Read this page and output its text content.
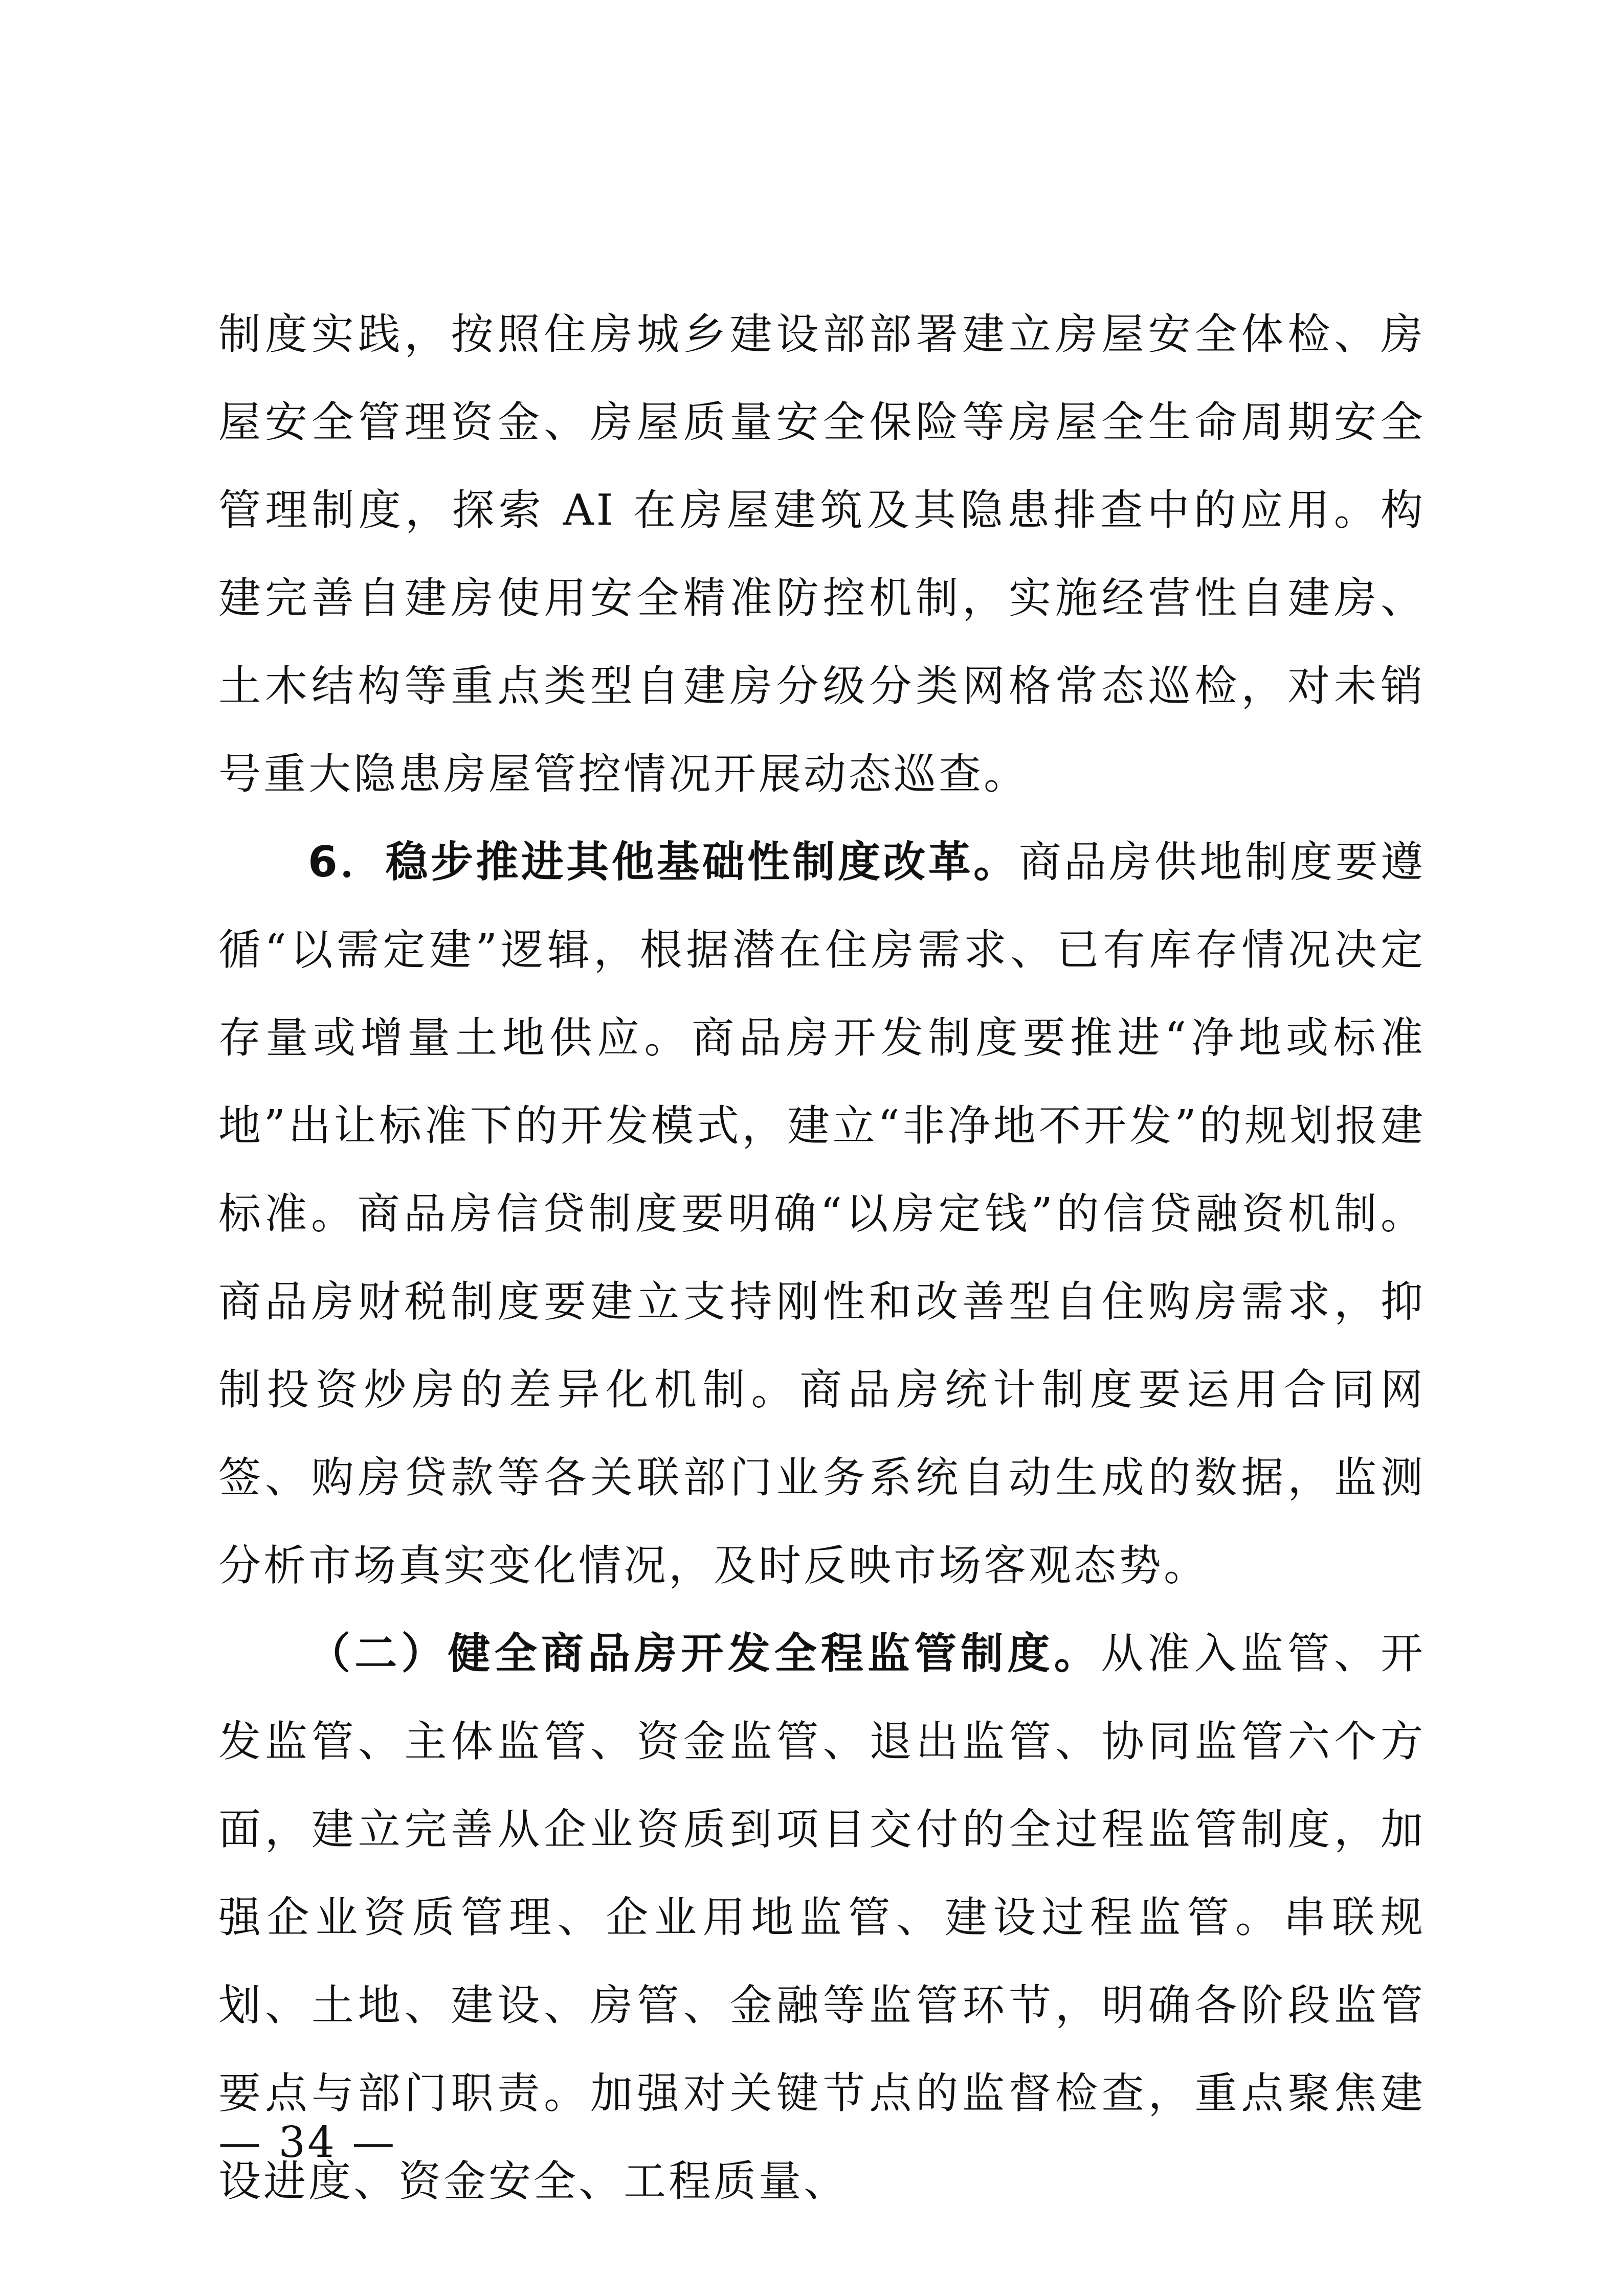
制度实践，按照住房城乡建设部部署建立房屋安全体检、房屋安全管理资金、房屋质量安全保险等房屋全生命周期安全管理制度，探索 AI 在房屋建筑及其隐患排查中的应用。构建完善自建房使用安全精准防控机制，实施经营性自建房、土木结构等重点类型自建房分级分类网格常态巡检，对未销号重大隐患房屋管控情况开展动态巡查。

6．稳步推进其他基础性制度改革。商品房供地制度要遵循“以需定建”逻辑，根据潜在住房需求、已有库存情况决定存量或增量土地供应。商品房开发制度要推进“净地或标准地”出让标准下的开发模式，建立“非净地不开发”的规划报建标准。商品房信贷制度要明确“以房定钱”的信贷融资机制。商品房财税制度要建立支持刚性和改善型自住购房需求，抑制投资炒房的差异化机制。商品房统计制度要运用合同网签、购房贷款等各关联部门业务系统自动生成的数据，监测分析市场真实变化情况，及时反映市场客观态势。

（二）健全商品房开发全程监管制度。从准入监管、开发监管、主体监管、资金监管、退出监管、协同监管六个方面，建立完善从企业资质到项目交付的全过程监管制度，加强企业资质管理、企业用地监管、建设过程监管。串联规划、土地、建设、房管、金融等监管环节，明确各阶段监管要点与部门职责。加强对关键节点的监督检查，重点聚焦建设进度、资金安全、工程质量、

— 34 —
